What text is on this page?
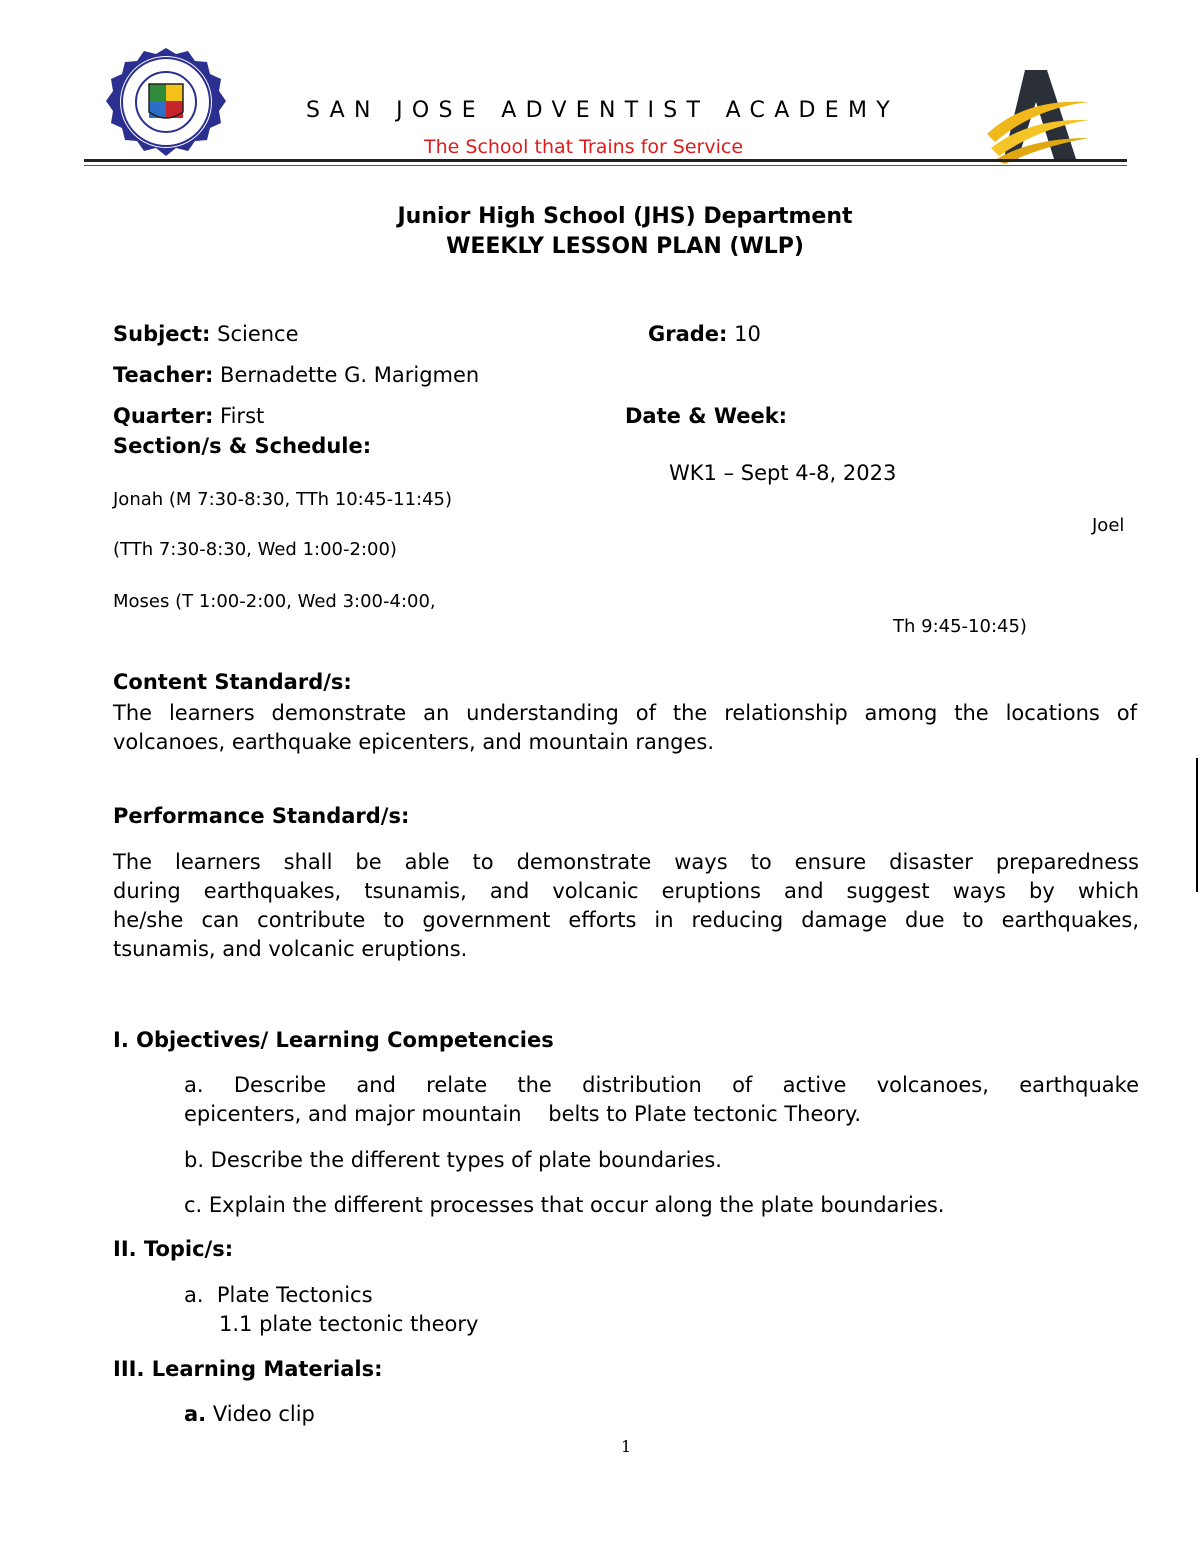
SAN JOSE ADVENTIST ACADEMY
The School that Trains for Service
Junior High School (JHS) Department
WEEKLY LESSON PLAN (WLP)
Subject: Science	Grade: 10
Teacher: Bernadette G. Marigmen
Quarter: First	Date & Week:
Section/s & Schedule:
WK1 – Sept 4-8, 2023
Jonah (M 7:30-8:30, TTh 10:45-11:45)
Joel
(TTh 7:30-8:30, Wed 1:00-2:00)
Moses (T 1:00-2:00, Wed 3:00-4:00,
Th 9:45-10:45)
Content Standard/s:
The learners demonstrate an understanding of the relationship among the locations of
volcanoes, earthquake epicenters, and mountain ranges.
Performance Standard/s:
The learners shall be able to demonstrate ways to ensure disaster preparedness
during earthquakes, tsunamis, and volcanic eruptions and suggest ways by which
he/she can contribute to government efforts in reducing damage due to earthquakes,
tsunamis, and volcanic eruptions.
I. Objectives/ Learning Competencies
a.  Describe  and  relate  the  distribution  of  active  volcanoes,  earthquake
epicenters, and major mountain    belts to Plate tectonic Theory.
b. Describe the different types of plate boundaries.
c. Explain the different processes that occur along the plate boundaries.
II. Topic/s:
a.  Plate Tectonics
1.1 plate tectonic theory
III. Learning Materials:
a. Video clip
1
